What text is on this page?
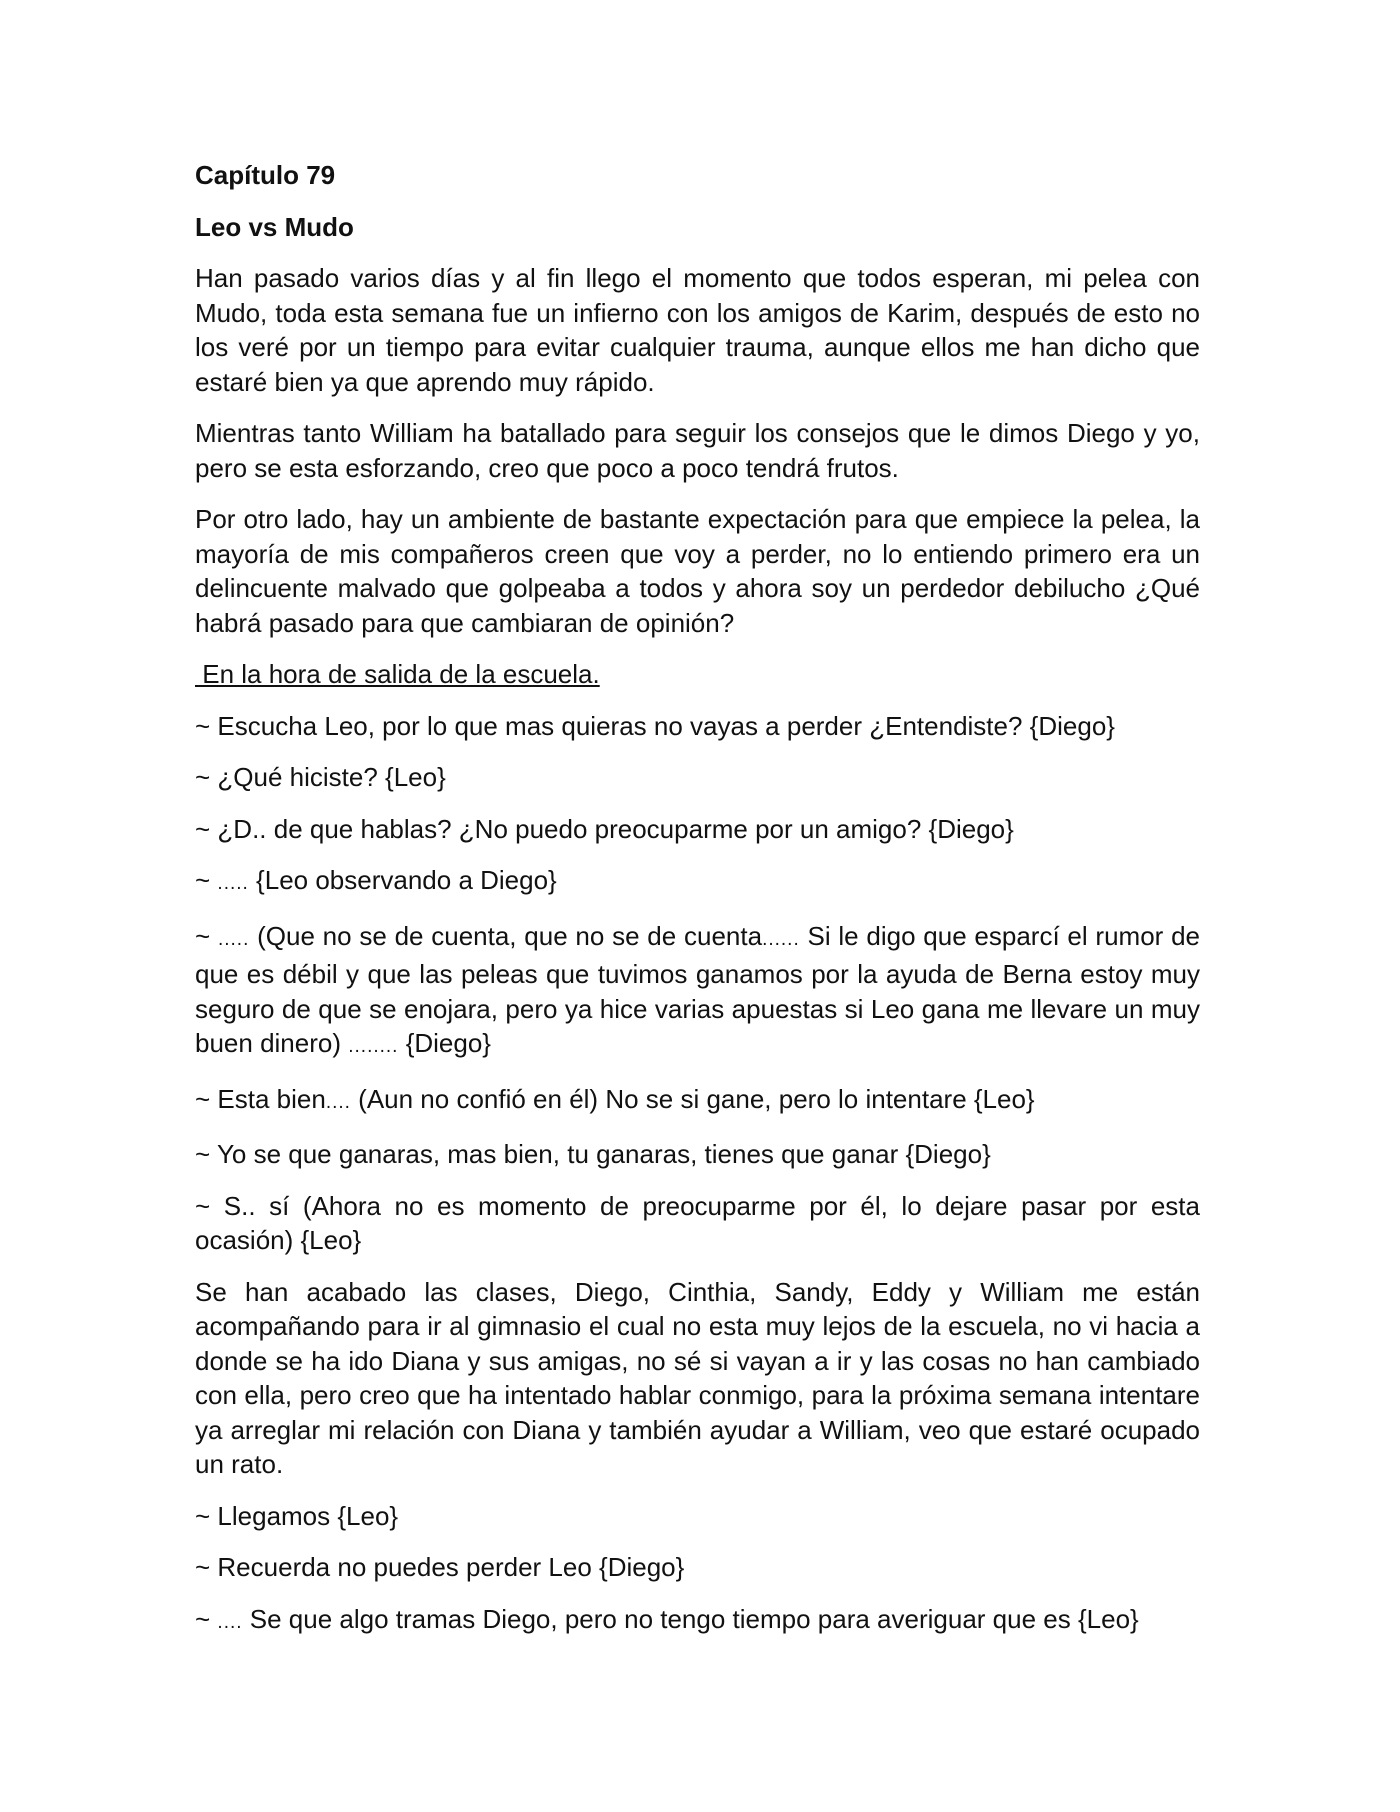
Capítulo 79

Leo vs Mudo

Han pasado varios días y al fin llego el momento que todos esperan, mi pelea con Mudo, toda esta semana fue un infierno con los amigos de Karim, después de esto no los veré por un tiempo para evitar cualquier trauma, aunque ellos me han dicho que estaré bien ya que aprendo muy rápido.

Mientras tanto William ha batallado para seguir los consejos que le dimos Diego y yo, pero se esta esforzando, creo que poco a poco tendrá frutos.

Por otro lado, hay un ambiente de bastante expectación para que empiece la pelea, la mayoría de mis compañeros creen que voy a perder, no lo entiendo primero era un delincuente malvado que golpeaba a todos y ahora soy un perdedor debilucho ¿Qué habrá pasado para que cambiaran de opinión?

En la hora de salida de la escuela.

~ Escucha Leo, por lo que mas quieras no vayas a perder ¿Entendiste? {Diego}

~ ¿Qué hiciste? {Leo}

~ ¿D.. de que hablas? ¿No puedo preocuparme por un amigo? {Diego}

~ ..... {Leo observando a Diego}

~ ..... (Que no se de cuenta, que no se de cuenta...... Si le digo que esparcí el rumor de que es débil y que las peleas que tuvimos ganamos por la ayuda de Berna estoy muy seguro de que se enojara, pero ya hice varias apuestas si Leo gana me llevare un muy buen dinero) ........ {Diego}

~ Esta bien.... (Aun no confió en él) No se si gane, pero lo intentare {Leo}

~ Yo se que ganaras, mas bien, tu ganaras, tienes que ganar {Diego}

~ S.. sí (Ahora no es momento de preocuparme por él, lo dejare pasar por esta ocasión) {Leo}

Se han acabado las clases, Diego, Cinthia, Sandy, Eddy y William me están acompañando para ir al gimnasio el cual no esta muy lejos de la escuela, no vi hacia a donde se ha ido Diana y sus amigas, no sé si vayan a ir y las cosas no han cambiado con ella, pero creo que ha intentado hablar conmigo, para la próxima semana intentare ya arreglar mi relación con Diana y también ayudar a William, veo que estaré ocupado un rato.

~ Llegamos {Leo}

~ Recuerda no puedes perder Leo {Diego}

~ .... Se que algo tramas Diego, pero no tengo tiempo para averiguar que es {Leo}
